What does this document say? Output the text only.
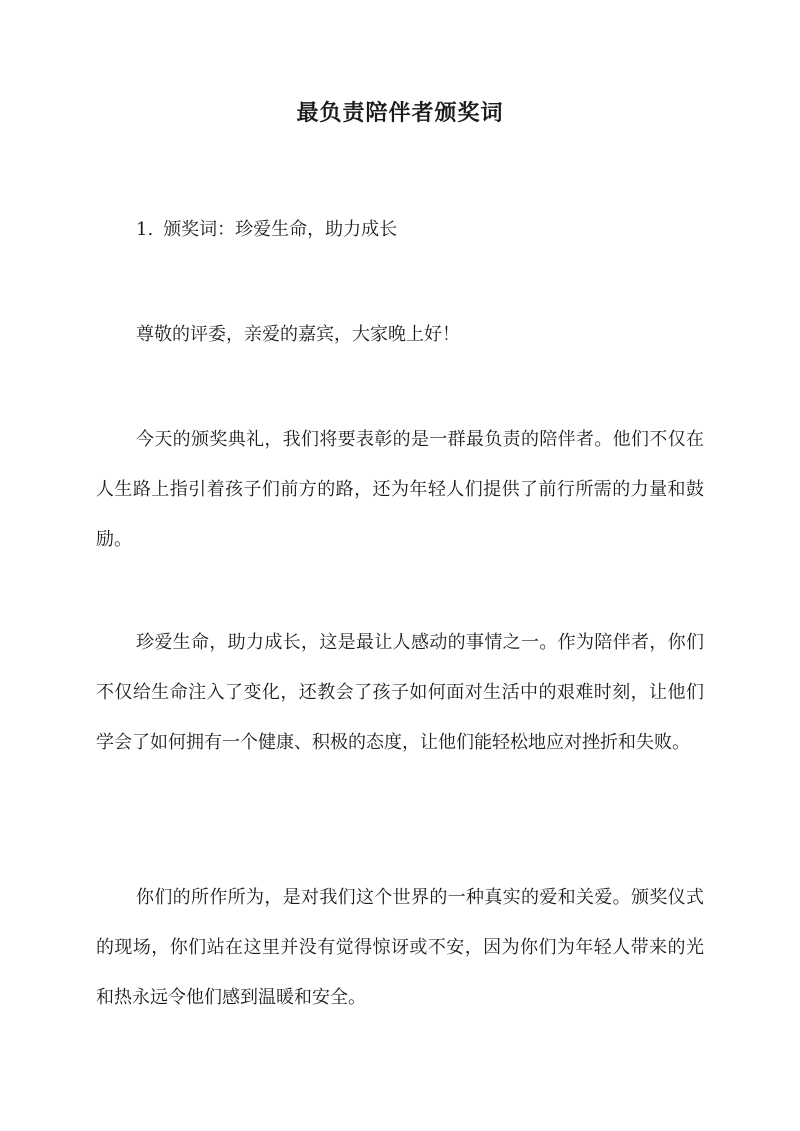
最负责陪伴者颁奖词

1. 颁奖词：珍爱生命，助力成长

尊敬的评委，亲爱的嘉宾，大家晚上好！

今天的颁奖典礼，我们将要表彰的是一群最负责的陪伴者。他们不仅在人生路上指引着孩子们前方的路，还为年轻人们提供了前行所需的力量和鼓励。

珍爱生命，助力成长，这是最让人感动的事情之一。作为陪伴者，你们不仅给生命注入了变化，还教会了孩子如何面对生活中的艰难时刻，让他们学会了如何拥有一个健康、积极的态度，让他们能轻松地应对挫折和失败。

你们的所作所为，是对我们这个世界的一种真实的爱和关爱。颁奖仪式的现场，你们站在这里并没有觉得惊讶或不安，因为你们为年轻人带来的光和热永远令他们感到温暖和安全。
